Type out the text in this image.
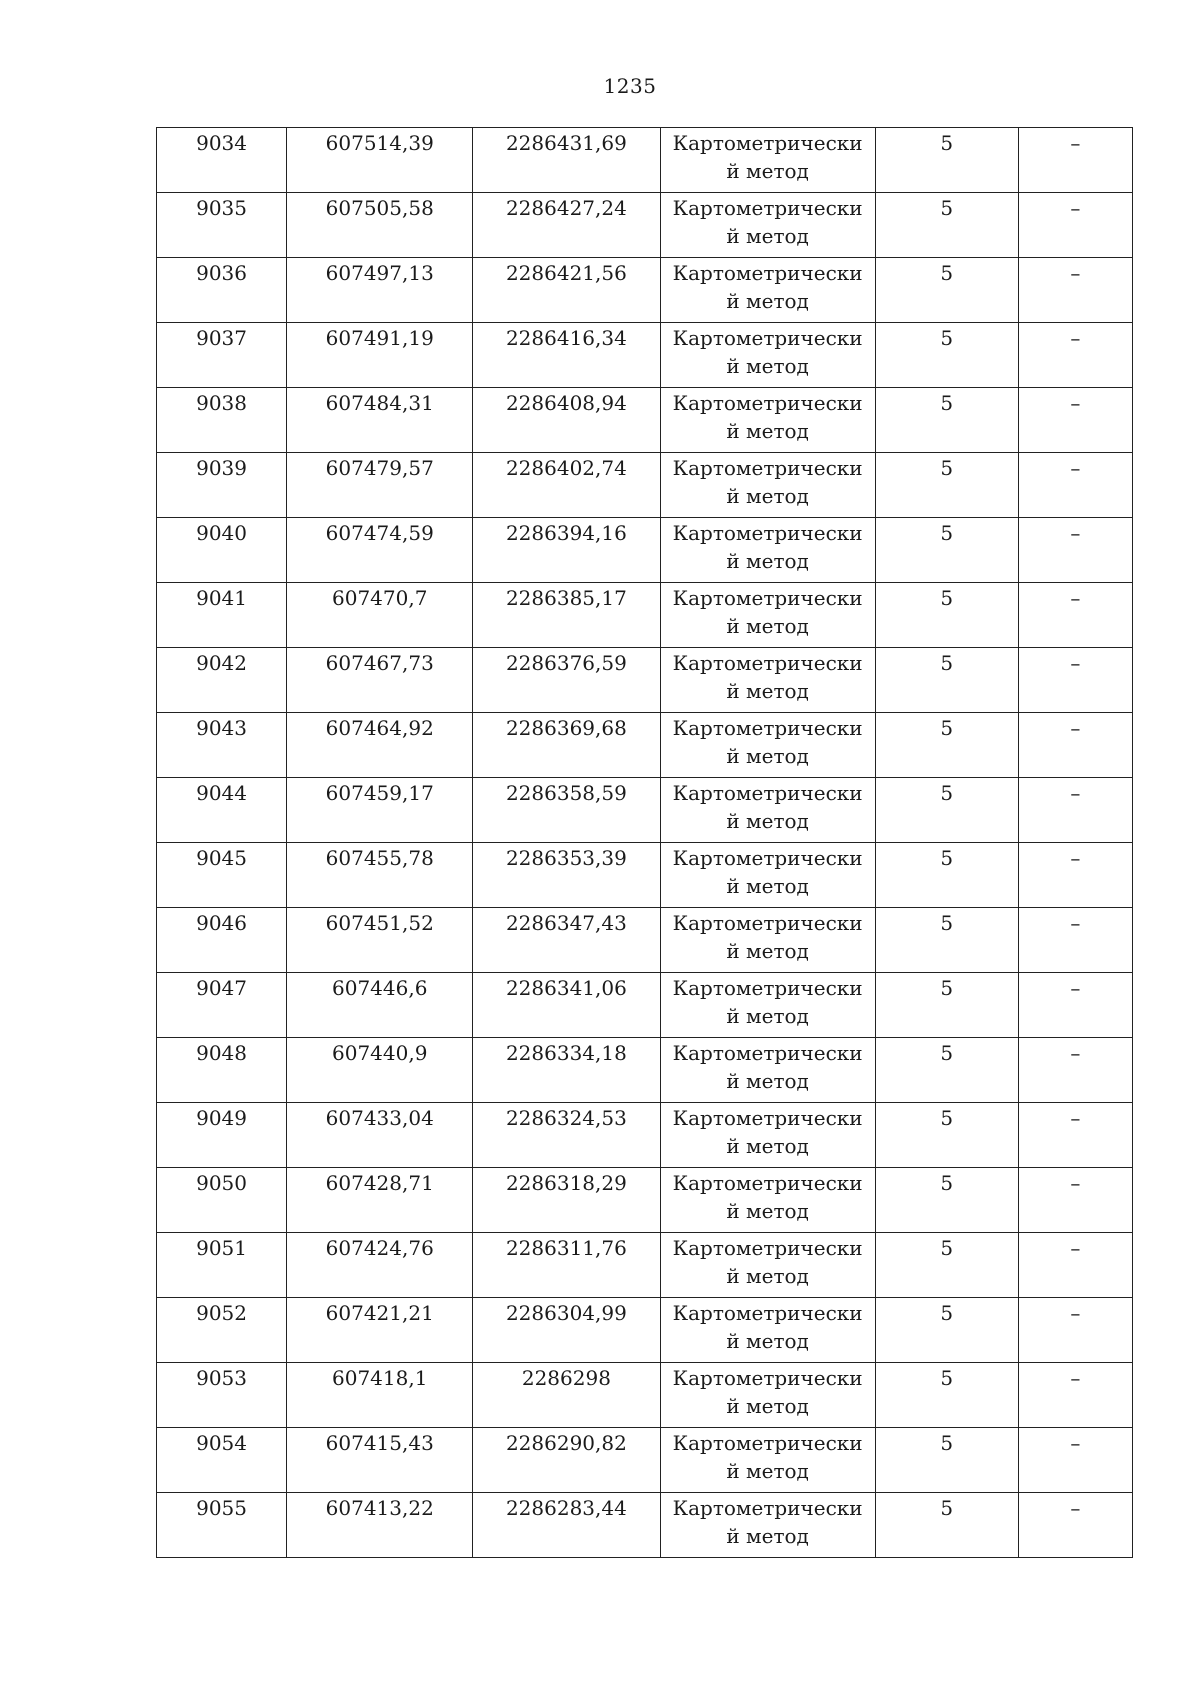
1235
9034	607514,39	2286431,69	Картометрически
й метод	5	–
9035	607505,58	2286427,24	Картометрически
й метод	5	–
9036	607497,13	2286421,56	Картометрически
й метод	5	–
9037	607491,19	2286416,34	Картометрически
й метод	5	–
9038	607484,31	2286408,94	Картометрически
й метод	5	–
9039	607479,57	2286402,74	Картометрически
й метод	5	–
9040	607474,59	2286394,16	Картометрически
й метод	5	–
9041	607470,7	2286385,17	Картометрически
й метод	5	–
9042	607467,73	2286376,59	Картометрически
й метод	5	–
9043	607464,92	2286369,68	Картометрически
й метод	5	–
9044	607459,17	2286358,59	Картометрически
й метод	5	–
9045	607455,78	2286353,39	Картометрически
й метод	5	–
9046	607451,52	2286347,43	Картометрически
й метод	5	–
9047	607446,6	2286341,06	Картометрически
й метод	5	–
9048	607440,9	2286334,18	Картометрически
й метод	5	–
9049	607433,04	2286324,53	Картометрически
й метод	5	–
9050	607428,71	2286318,29	Картометрически
й метод	5	–
9051	607424,76	2286311,76	Картометрически
й метод	5	–
9052	607421,21	2286304,99	Картометрически
й метод	5	–
9053	607418,1	2286298	Картометрически
й метод	5	–
9054	607415,43	2286290,82	Картометрически
й метод	5	–
9055	607413,22	2286283,44	Картометрически
й метод	5	–
